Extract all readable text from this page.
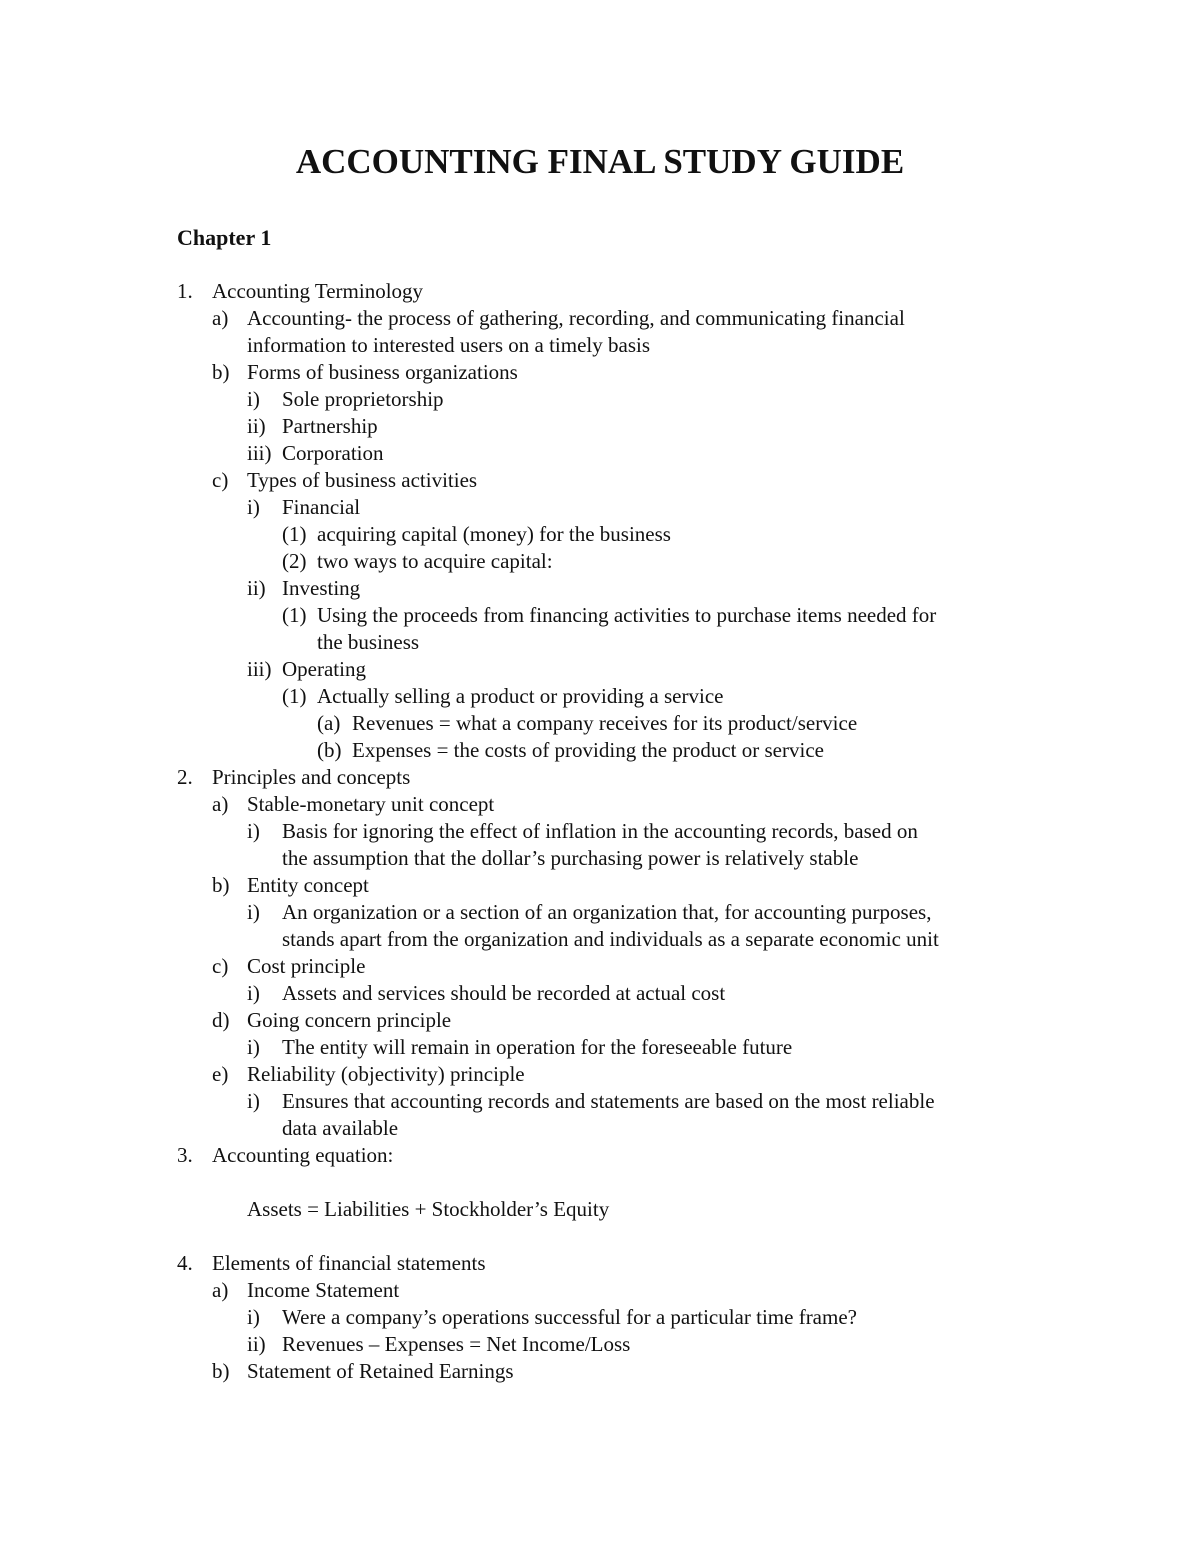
ACCOUNTING FINAL STUDY GUIDE
Chapter 1
1. Accounting Terminology
a) Accounting- the process of gathering, recording, and communicating financial
information to interested users on a timely basis
b) Forms of business organizations
i) Sole proprietorship
ii) Partnership
iii) Corporation
c) Types of business activities
i) Financial
(1) acquiring capital (money) for the business
(2) two ways to acquire capital:
ii) Investing
(1) Using the proceeds from financing activities to purchase items needed for
the business
iii) Operating
(1) Actually selling a product or providing a service
(a) Revenues = what a company receives for its product/service
(b) Expenses = the costs of providing the product or service
2. Principles and concepts
a) Stable-monetary unit concept
i) Basis for ignoring the effect of inflation in the accounting records, based on
the assumption that the dollar’s purchasing power is relatively stable
b) Entity concept
i) An organization or a section of an organization that, for accounting purposes,
stands apart from the organization and individuals as a separate economic unit
c) Cost principle
i) Assets and services should be recorded at actual cost
d) Going concern principle
i) The entity will remain in operation for the foreseeable future
e) Reliability (objectivity) principle
i) Ensures that accounting records and statements are based on the most reliable
data available
3. Accounting equation:
Assets = Liabilities + Stockholder’s Equity
4. Elements of financial statements
a) Income Statement
i) Were a company’s operations successful for a particular time frame?
ii) Revenues – Expenses = Net Income/Loss
b) Statement of Retained Earnings
